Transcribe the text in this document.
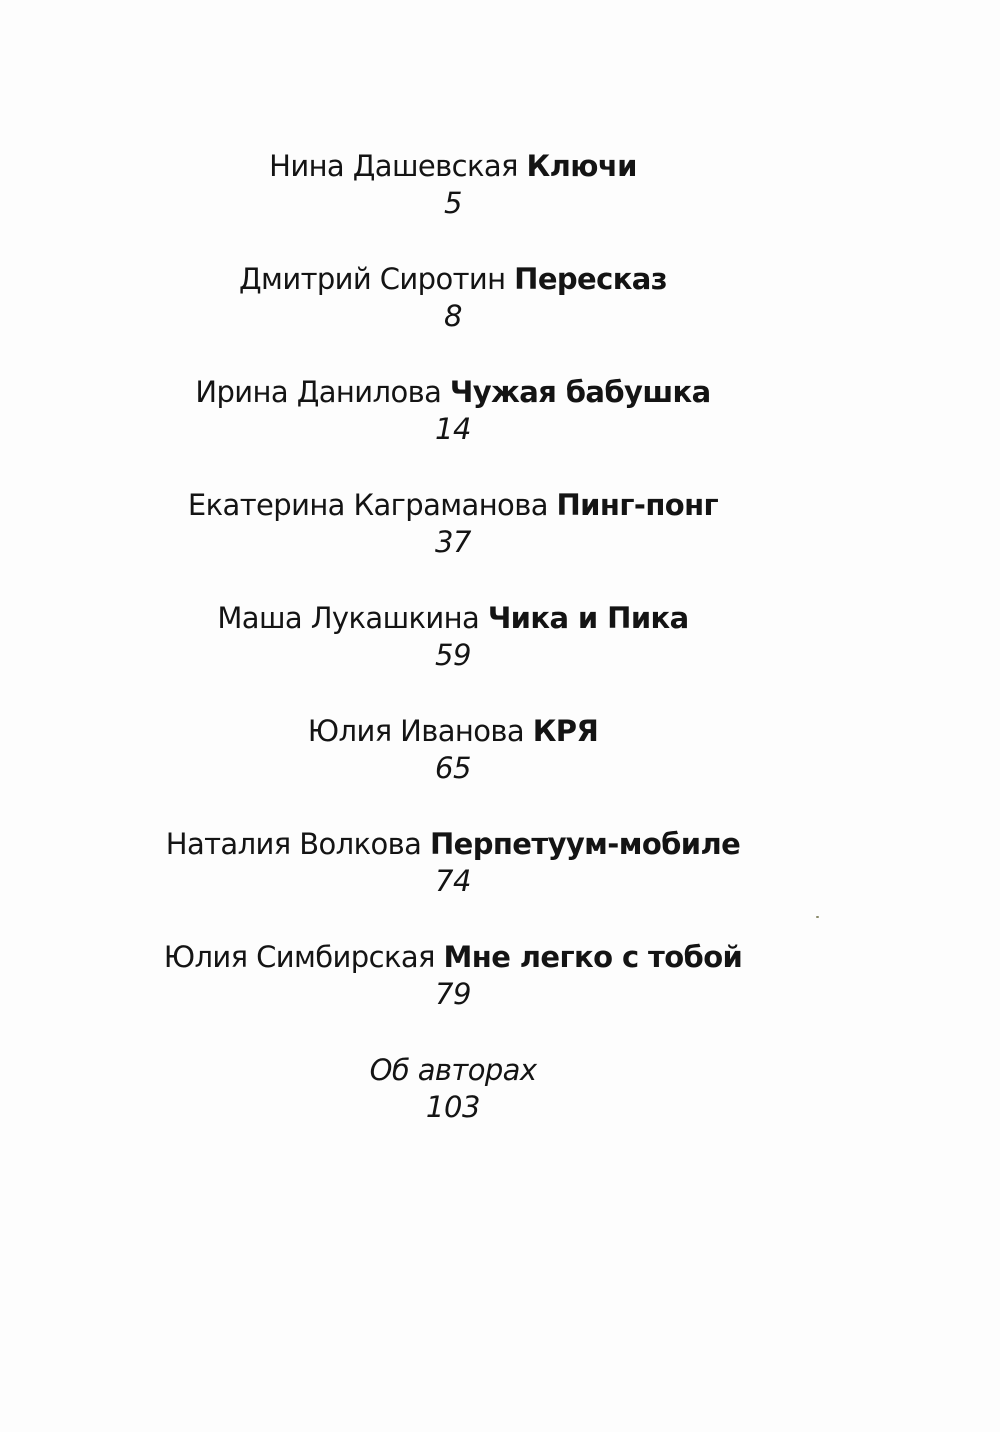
Нина Дашевская Ключи
5
Дмитрий Сиротин Пересказ
8
Ирина Данилова Чужая бабушка
14
Екатерина Каграманова Пинг-понг
37
Маша Лукашкина Чика и Пика
59
Юлия Иванова КРЯ
65
Наталия Волкова Перпетуум-мобиле
74
Юлия Симбирская Мне легко с тобой
79
Об авторах
103
